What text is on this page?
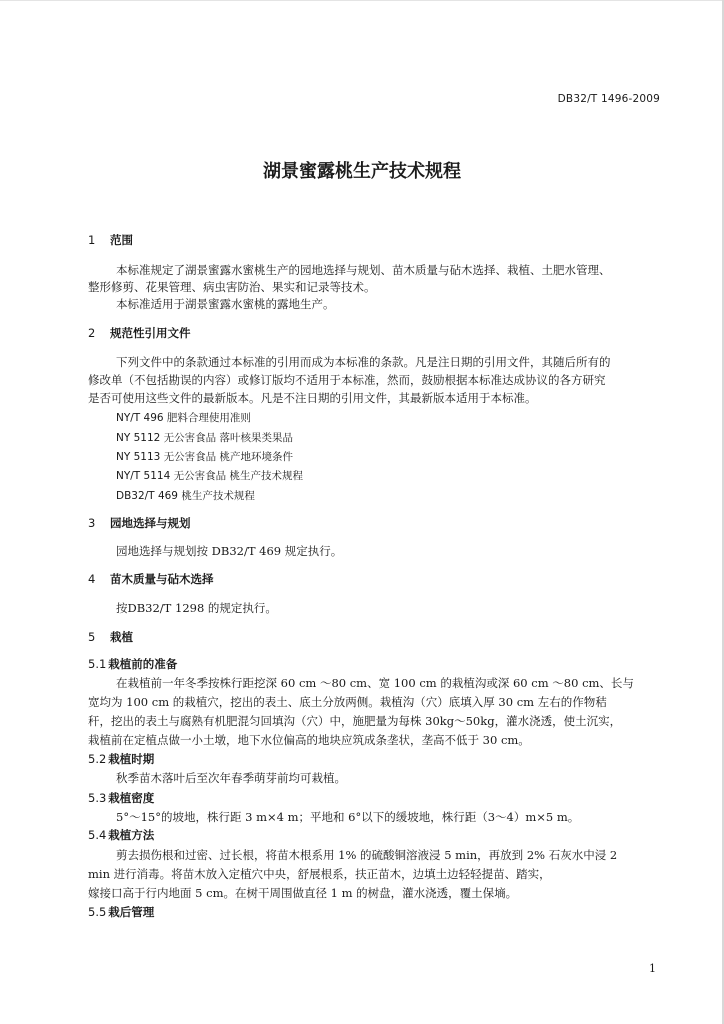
DB32/T 1496-2009
湖景蜜露桃生产技术规程
1 范围
本标准规定了湖景蜜露水蜜桃生产的园地选择与规划、苗木质量与砧木选择、栽植、土肥水管理、
整形修剪、花果管理、病虫害防治、果实和记录等技术。
本标准适用于湖景蜜露水蜜桃的露地生产。
2 规范性引用文件
下列文件中的条款通过本标准的引用而成为本标准的条款。凡是注日期的引用文件，其随后所有的
修改单（不包括勘误的内容）或修订版均不适用于本标准，然而，鼓励根据本标准达成协议的各方研究
是否可使用这些文件的最新版本。凡是不注日期的引用文件，其最新版本适用于本标准。
NY/T 496 肥料合理使用准则
NY 5112 无公害食品 落叶核果类果品
NY 5113 无公害食品 桃产地环境条件
NY/T 5114 无公害食品 桃生产技术规程
DB32/T 469 桃生产技术规程
3 园地选择与规划
园地选择与规划按 DB32/T 469 规定执行。
4 苗木质量与砧木选择
按DB32/T 1298 的规定执行。
5 栽植
5.1 栽植前的准备
在栽植前一年冬季按株行距挖深 60 cm ～80 cm、宽 100 cm 的栽植沟或深 60 cm ～80 cm、长与
宽均为 100 cm 的栽植穴，挖出的表土、底土分放两侧。栽植沟（穴）底填入厚 30 cm 左右的作物秸
秆，挖出的表土与腐熟有机肥混匀回填沟（穴）中，施肥量为每株 30kg～50kg，灌水浇透，使土沉实，
栽植前在定植点做一小土墩，地下水位偏高的地块应筑成条垄状，垄高不低于 30 cm。
5.2 栽植时期
秋季苗木落叶后至次年春季萌芽前均可栽植。
5.3 栽植密度
5°～15°的坡地，株行距 3 m×4 m；平地和 6°以下的缓坡地，株行距（3～4）m×5 m。
5.4 栽植方法
剪去损伤根和过密、过长根，将苗木根系用 1% 的硫酸铜溶液浸 5 min，再放到 2% 石灰水中浸 2
min 进行消毒。将苗木放入定植穴中央，舒展根系，扶正苗木，边填土边轻轻提苗、踏实，
嫁接口高于行内地面 5 cm。在树干周围做直径 1 m 的树盘，灌水浇透，覆土保墒。
5.5 栽后管理
1
